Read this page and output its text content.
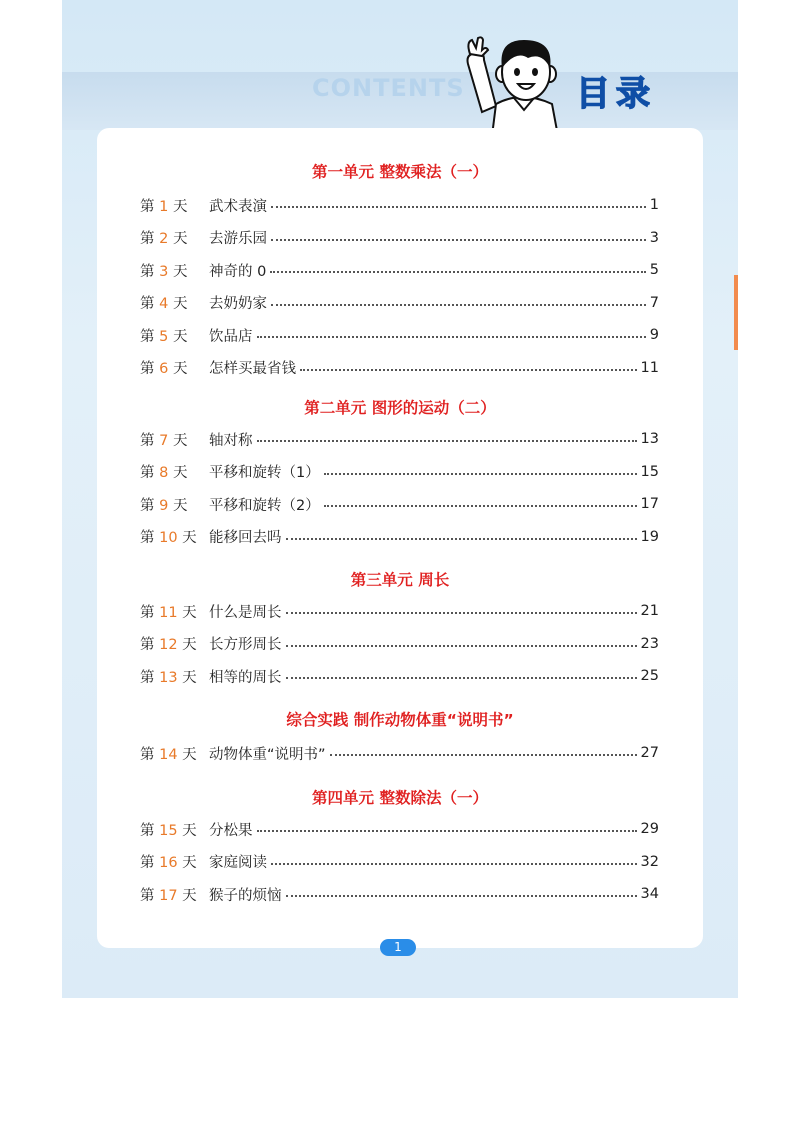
CONTENTS	目录
第一单元 整数乘法（一）
第 1 天	武术表演	1
第 2 天	去游乐园	3
第 3 天	神奇的 0	5
第 4 天	去奶奶家	7
第 5 天	饮品店	9
第 6 天	怎样买最省钱	11
第二单元 图形的运动（二）
第 7 天	轴对称	13
第 8 天	平移和旋转（1）	15
第 9 天	平移和旋转（2）	17
第 10 天 能移回去吗	19
第三单元 周长
第 11 天 什么是周长	21
第 12 天 长方形周长	23
第 13 天 相等的周长	25
综合实践 制作动物体重“说明书”
第 14 天 动物体重“说明书”	27
第四单元 整数除法（一）
第 15 天 分松果	29
第 16 天 家庭阅读	32
第 17 天 猴子的烦恼	34
1
